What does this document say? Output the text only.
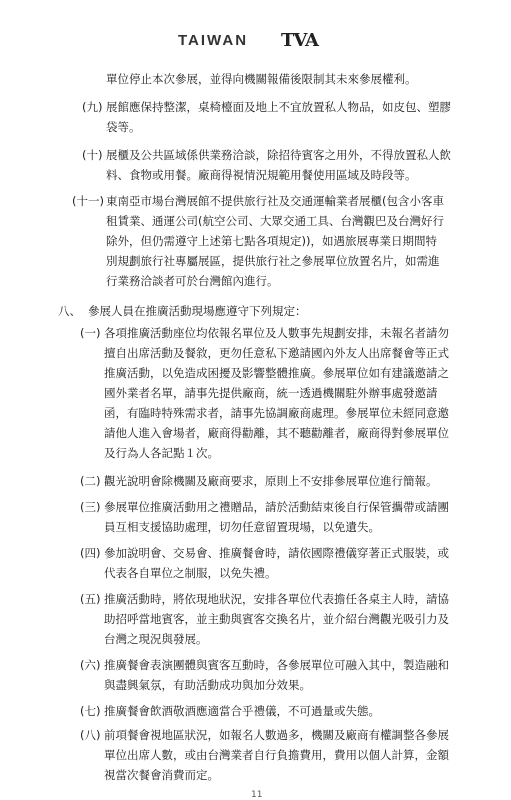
TAIWAN TVA
單位停止本次參展，並得向機關報備後限制其未來參展權利。
(九) 展館應保持整潔，桌椅檯面及地上不宜放置私人物品，如皮包、塑膠
袋等。
(十) 展櫃及公共區域係供業務洽談，除招待賓客之用外，不得放置私人飲
料、食物或用餐。廠商得視情況規範用餐使用區域及時段等。
(十一) 東南亞市場台灣展館不提供旅行社及交通運輸業者展櫃(包含小客車
租賃業、通運公司(航空公司、大眾交通工具、台灣觀巴及台灣好行
除外，但仍需遵守上述第七點各項規定))，如遇旅展專業日期間特
別規劃旅行社專屬展區，提供旅行社之參展單位放置名片，如需進
行業務洽談者可於台灣館內進行。
八、 參展人員在推廣活動現場應遵守下列規定：
(一) 各項推廣活動座位均依報名單位及人數事先規劃安排，未報名者請勿
擅自出席活動及餐敘，更勿任意私下邀請國內外友人出席餐會等正式
推廣活動，以免造成困擾及影響整體推廣。參展單位如有建議邀請之
國外業者名單，請事先提供廠商，統一透過機關駐外辦事處發邀請
函，有臨時特殊需求者，請事先協調廠商處理。參展單位未經同意邀
請他人進入會場者，廠商得勸離，其不聽勸離者，廠商得對參展單位
及行為人各記點１次。
(二) 觀光說明會除機關及廠商要求，原則上不安排參展單位進行簡報。
(三) 參展單位推廣活動用之禮贈品，請於活動結束後自行保管攜帶或請團
員互相支援協助處理，切勿任意留置現場，以免遺失。
(四) 參加說明會、交易會、推廣餐會時，請依國際禮儀穿著正式服裝，或
代表各自單位之制服，以免失禮。
(五) 推廣活動時，將依現地狀況，安排各單位代表擔任各桌主人時，請協
助招呼當地賓客，並主動與賓客交換名片，並介紹台灣觀光吸引力及
台灣之現況與發展。
(六) 推廣餐會表演團體與賓客互動時，各參展單位可融入其中，製造融和
與盡興氣氛，有助活動成功與加分效果。
(七) 推廣餐會飲酒敬酒應適當合乎禮儀，不可過量或失態。
(八) 前項餐會視地區狀況，如報名人數過多，機關及廠商有權調整各參展
單位出席人數，或由台灣業者自行負擔費用，費用以個人計算，金額
視當次餐會消費而定。
11
